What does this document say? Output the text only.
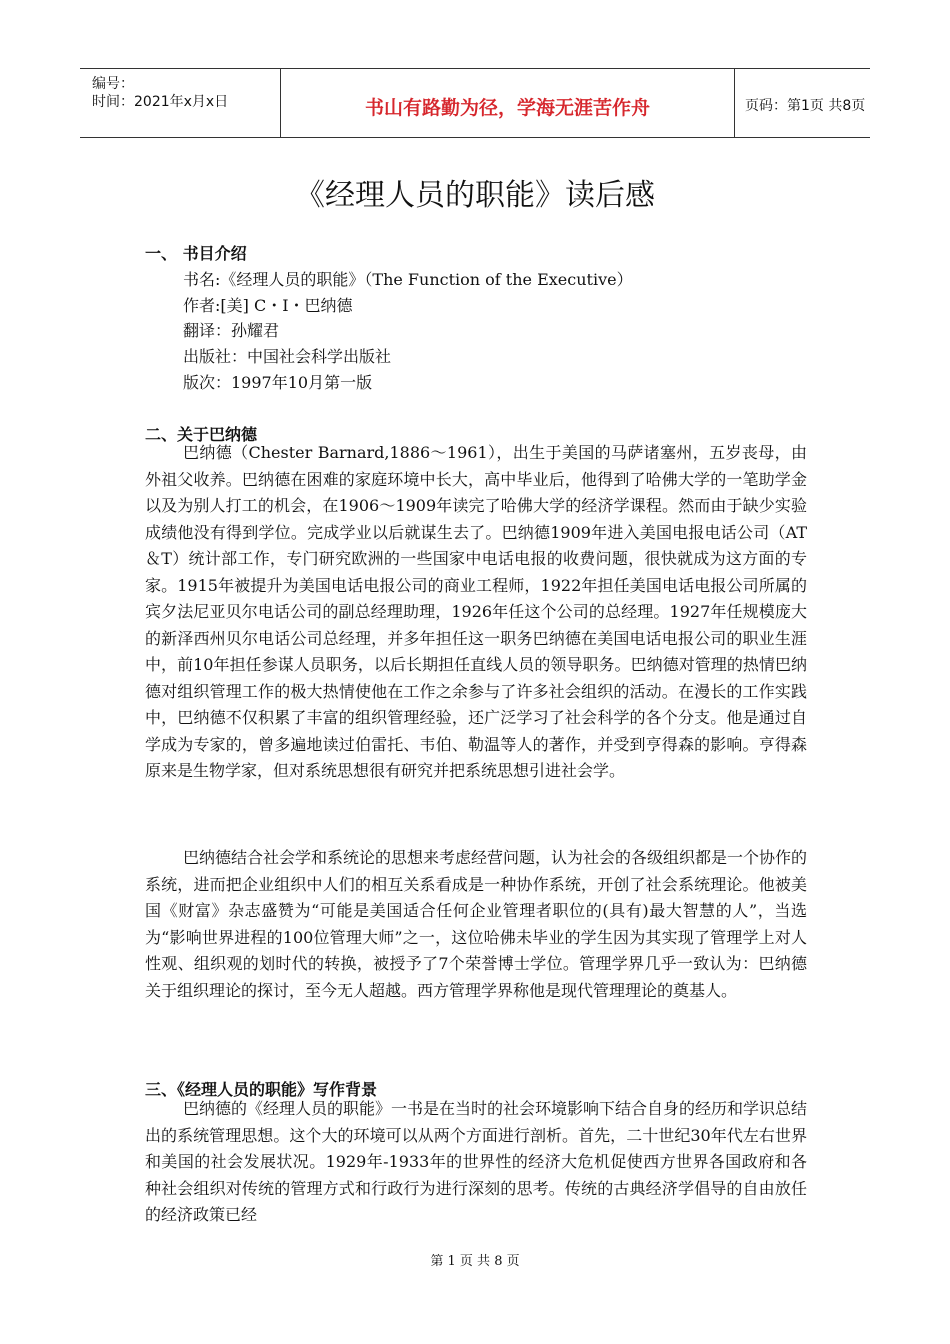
编号：
时间：2021年x月x日	书山有路勤为径，学海无涯苦作舟	页码：第1页 共8页
《经理人员的职能》读后感
一、 书目介绍
书名:《经理人员的职能》（The Function of the Executive）
作者:[美] C・I・巴纳德
翻译：孙耀君
出版社：中国社会科学出版社
版次：1997年10月第一版
二、关于巴纳德

巴纳德（Chester Barnard,1886～1961），出生于美国的马萨诸塞州，五岁丧母，由外祖父收养。巴纳德在困难的家庭环境中长大，高中毕业后，他得到了哈佛大学的一笔助学金以及为别人打工的机会，在1906～1909年读完了哈佛大学的经济学课程。然而由于缺少实验成绩他没有得到学位。完成学业以后就谋生去了。巴纳德1909年进入美国电报电话公司（AT＆T）统计部工作，专门研究欧洲的一些国家中电话电报的收费问题，很快就成为这方面的专家。1915年被提升为美国电话电报公司的商业工程师，1922年担任美国电话电报公司所属的宾夕法尼亚贝尔电话公司的副总经理助理，1926年任这个公司的总经理。1927年任规模庞大的新泽西州贝尔电话公司总经理，并多年担任这一职务巴纳德在美国电话电报公司的职业生涯中，前10年担任参谋人员职务，以后长期担任直线人员的领导职务。巴纳德对管理的热情巴纳德对组织管理工作的极大热情使他在工作之余参与了许多社会组织的活动。在漫长的工作实践中，巴纳德不仅积累了丰富的组织管理经验，还广泛学习了社会科学的各个分支。他是通过自学成为专家的，曾多遍地读过伯雷托、韦伯、勒温等人的著作，并受到亨得森的影响。亨得森原来是生物学家，但对系统思想很有研究并把系统思想引进社会学。

巴纳德结合社会学和系统论的思想来考虑经营问题，认为社会的各级组织都是一个协作的系统，进而把企业组织中人们的相互关系看成是一种协作系统，开创了社会系统理论。他被美国《财富》杂志盛赞为“可能是美国适合任何企业管理者职位的(具有)最大智慧的人”，当选为“影响世界进程的100位管理大师”之一，这位哈佛未毕业的学生因为其实现了管理学上对人性观、组织观的划时代的转换，被授予了7个荣誉博士学位。管理学界几乎一致认为：巴纳德关于组织理论的探讨，至今无人超越。西方管理学界称他是现代管理理论的奠基人。

三、《经理人员的职能》写作背景

巴纳德的《经理人员的职能》一书是在当时的社会环境影响下结合自身的经历和学识总结出的系统管理思想。这个大的环境可以从两个方面进行剖析。首先，二十世纪30年代左右世界和美国的社会发展状况。1929年-1933年的世界性的经济大危机促使西方世界各国政府和各种社会组织对传统的管理方式和行政行为进行深刻的思考。传统的古典经济学倡导的自由放任的经济政策已经

第 1 页 共 8 页
